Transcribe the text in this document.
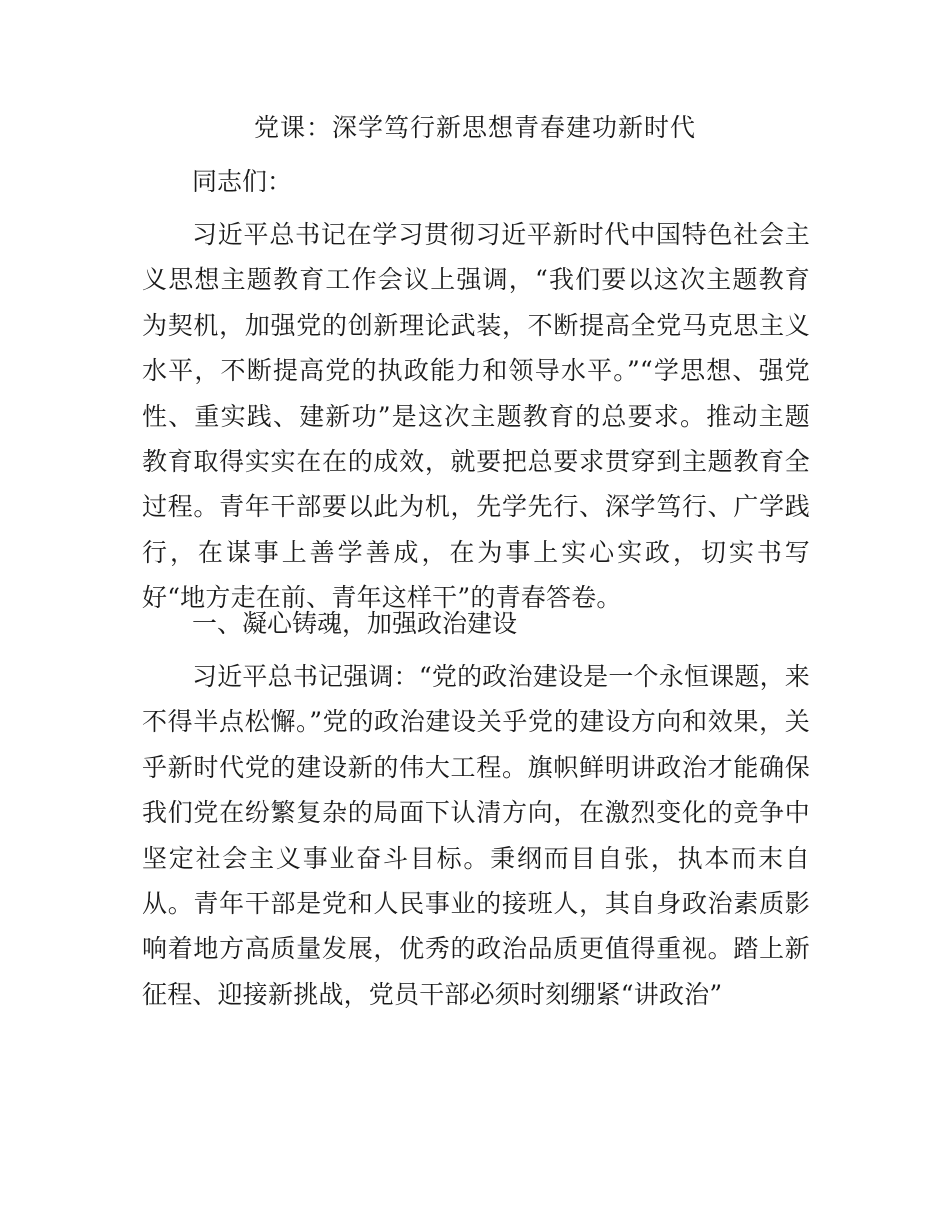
党课：深学笃行新思想青春建功新时代

同志们：

习近平总书记在学习贯彻习近平新时代中国特色社会主义思想主题教育工作会议上强调，“我们要以这次主题教育为契机，加强党的创新理论武装，不断提高全党马克思主义水平，不断提高党的执政能力和领导水平。”“学思想、强党性、重实践、建新功”是这次主题教育的总要求。推动主题教育取得实实在在的成效，就要把总要求贯穿到主题教育全过程。青年干部要以此为机，先学先行、深学笃行、广学践行，在谋事上善学善成，在为事上实心实政，切实书写好“地方走在前、青年这样干”的青春答卷。

一、凝心铸魂，加强政治建设

习近平总书记强调：“党的政治建设是一个永恒课题，来不得半点松懈。”党的政治建设关乎党的建设方向和效果，关乎新时代党的建设新的伟大工程。旗帜鲜明讲政治才能确保我们党在纷繁复杂的局面下认清方向，在激烈变化的竞争中坚定社会主义事业奋斗目标。秉纲而目自张，执本而末自从。青年干部是党和人民事业的接班人，其自身政治素质影响着地方高质量发展，优秀的政治品质更值得重视。踏上新征程、迎接新挑战，党员干部必须时刻绷紧“讲政治”
